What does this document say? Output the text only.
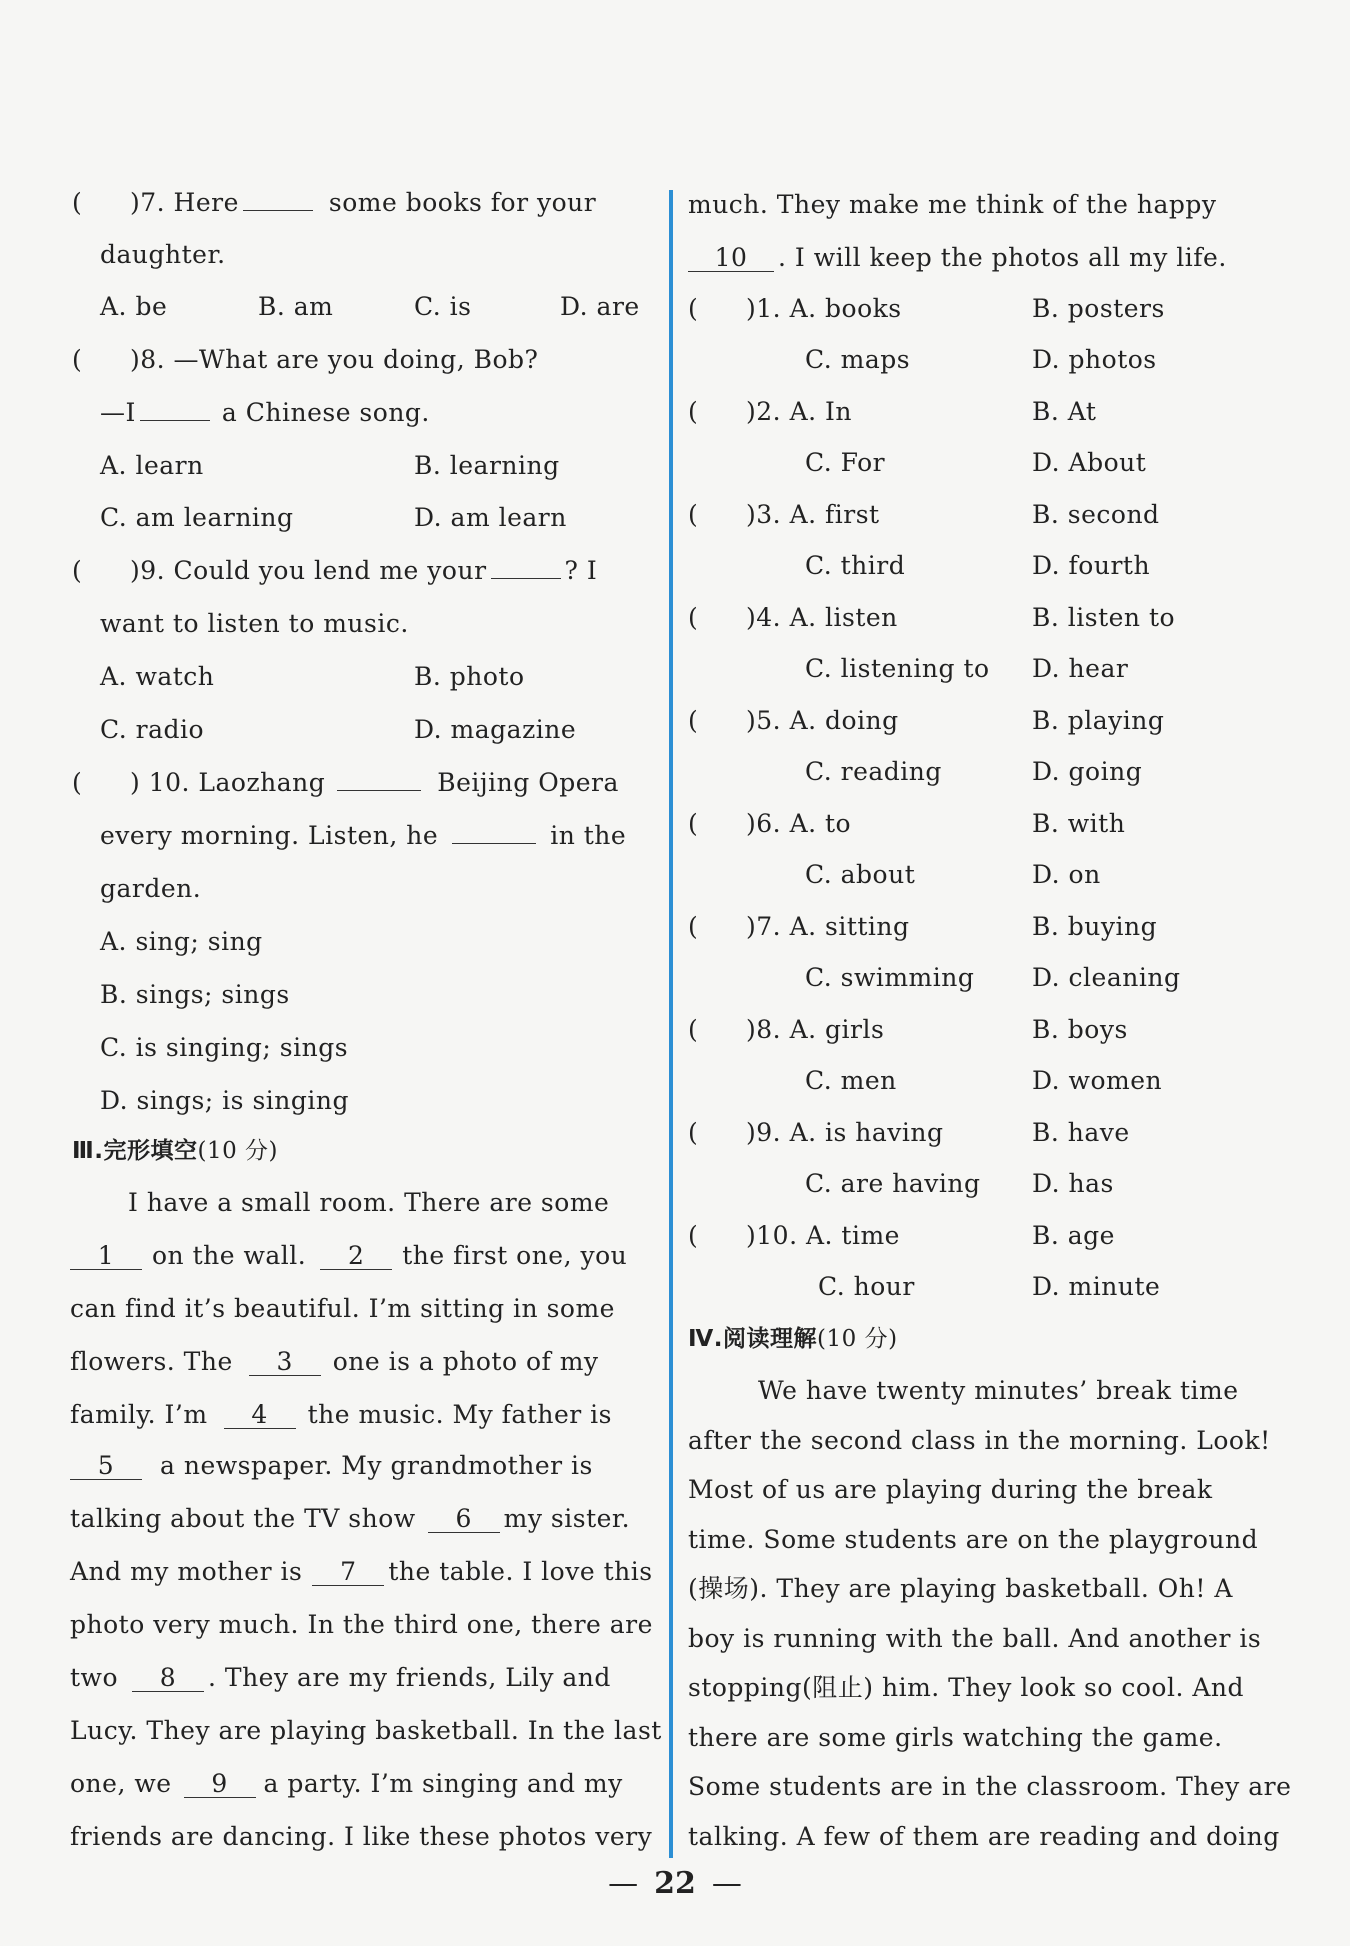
( )7. Here	some books for your
daughter.
A. be	B. am	C. is	D. are
( )8. —What are you doing, Bob?
—I	a Chinese song.
A. learn	B. learning
C. am learning	D. am learn
( )9. Could you lend me your	? I
want to listen to music.
A. watch	B. photo
C. radio	D. magazine
( ) 10. Laozhang	Beijing Opera
every morning. Listen, he	in the
garden.
A. sing; sing
B. sings; sings
C. is singing; sings
D. sings; is singing
Ⅲ.完形填空(10 分)
I have a small room. There are some
1 on the wall. 2 the first one, you
can find it’s beautiful. I’m sitting in some
flowers. The 3 one is a photo of my
family. I’m 4 the music. My father is
5 a newspaper. My grandmother is
talking about the TV show 6 my sister.
And my mother is 7 the table. I love this
photo very much. In the third one, there are
two 8 . They are my friends, Lily and
Lucy. They are playing basketball. In the last
one, we 9 a party. I’m singing and my
friends are dancing. I like these photos very
much. They make me think of the happy
10 . I will keep the photos all my life.
( )1. A. books	B. posters
C. maps	D. photos
( )2. A. In	B. At
C. For	D. About
( )3. A. first	B. second
C. third	D. fourth
( )4. A. listen	B. listen to
C. listening to D. hear
( )5. A. doing	B. playing
C. reading	D. going
( )6. A. to	B. with
C. about	D. on
( )7. A. sitting	B. buying
C. swimming D. cleaning
( )8. A. girls	B. boys
C. men	D. women
( )9. A. is having	B. have
C. are having D. has
( )10. A. time	B. age
C. hour	D. minute
Ⅳ.阅读理解(10 分)
We have twenty minutes’ break time
after the second class in the morning. Look!
Most of us are playing during the break
time. Some students are on the playground
(操场). They are playing basketball. Oh! A
boy is running with the ball. And another is
stopping(阻止) him. They look so cool. And
there are some girls watching the game.
Some students are in the classroom. They are
talking. A few of them are reading and doing
— 22 —
